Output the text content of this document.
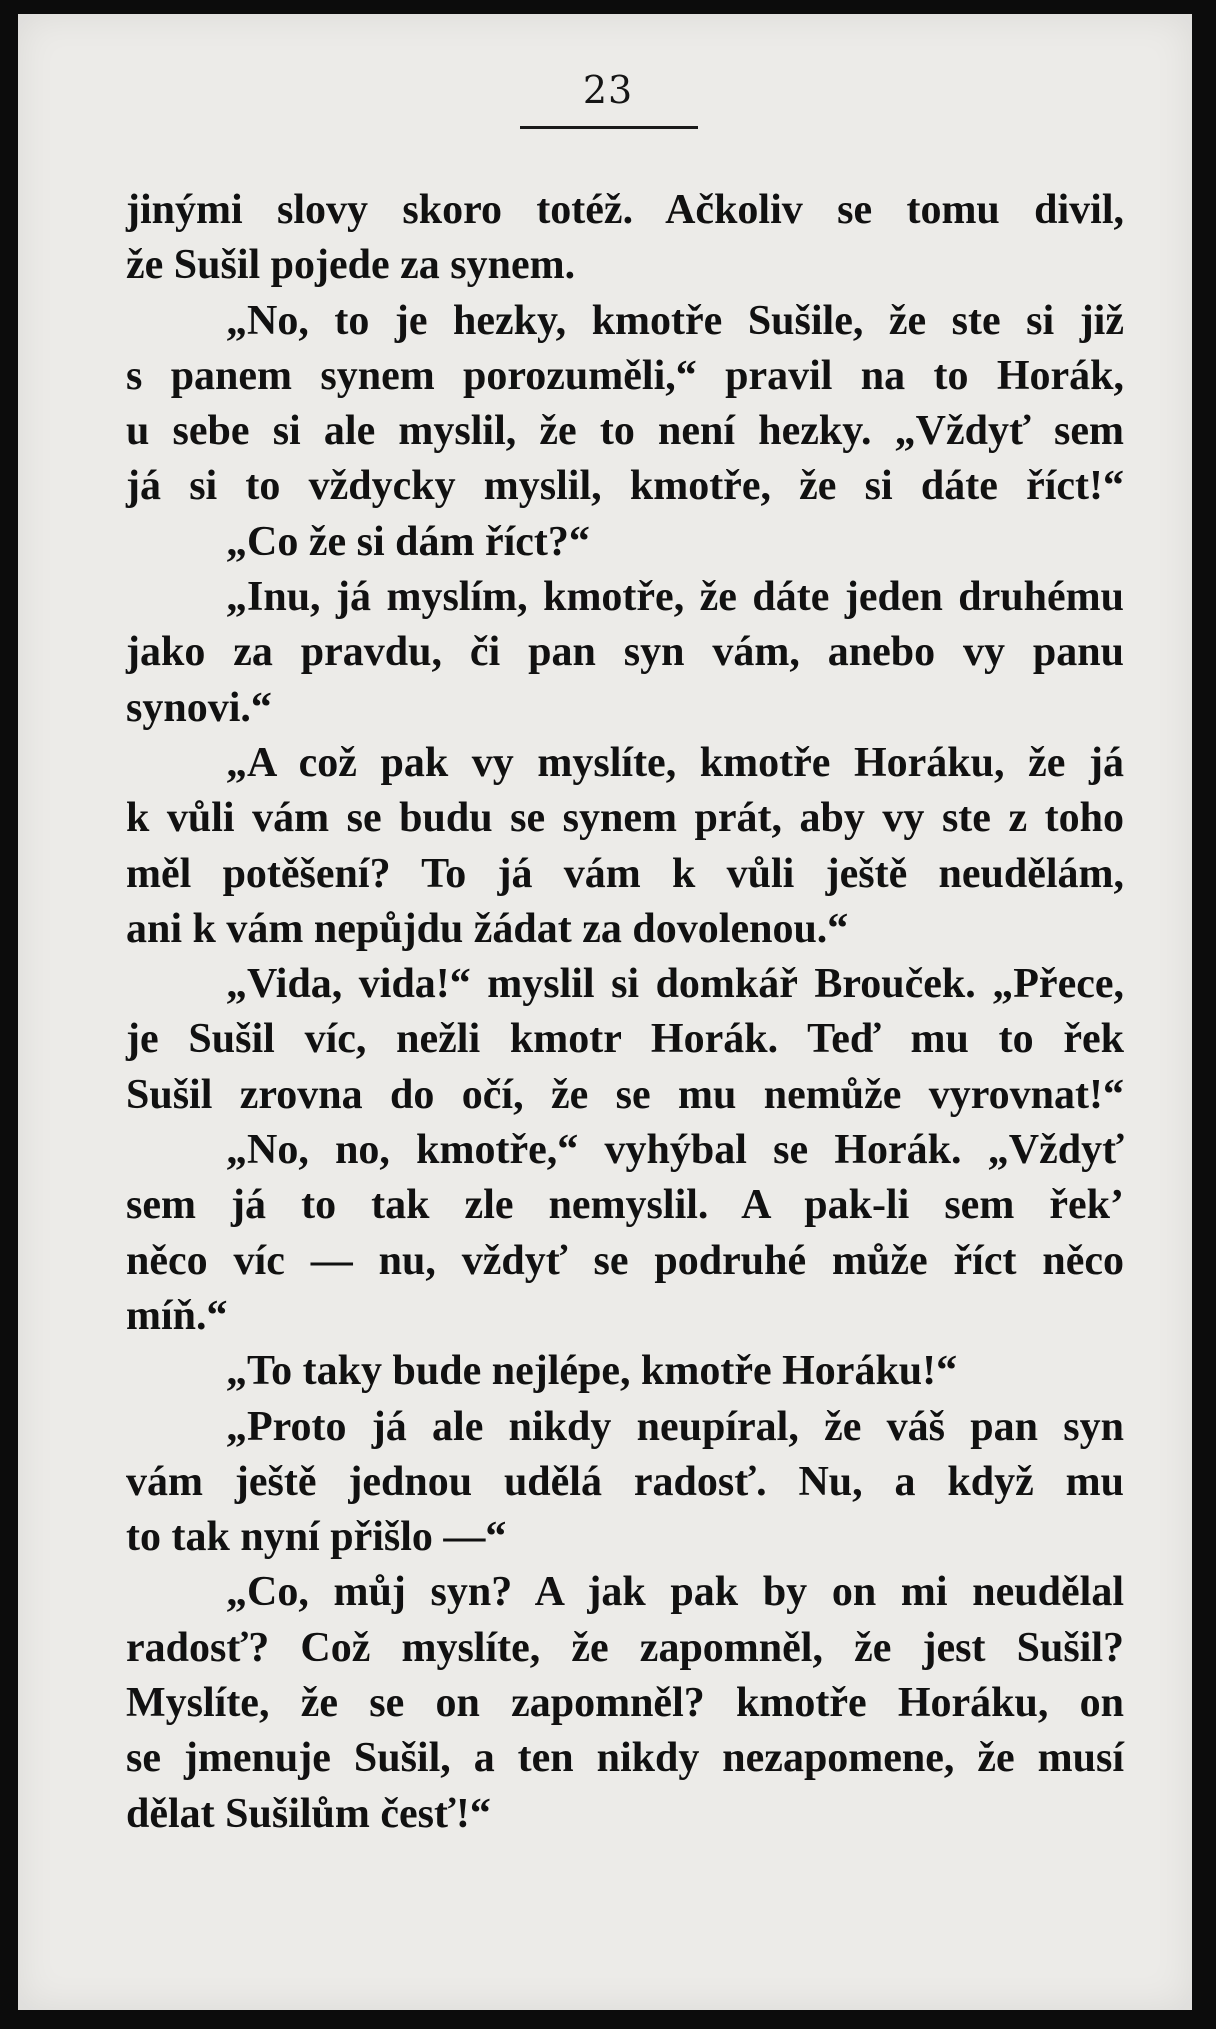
23
jinými slovy skoro totéž. Ačkoliv se tomu divil,
že Sušil pojede za synem.
„No, to je hezky, kmotře Sušile, že ste si již
s panem synem porozuměli,“ pravil na to Horák,
u sebe si ale myslil, že to není hezky. „Vždyť sem
já si to vždycky myslil, kmotře, že si dáte říct!“
„Co že si dám říct?“
„Inu, já myslím, kmotře, že dáte jeden druhému
jako za pravdu, či pan syn vám, anebo vy panu
synovi.“
„A což pak vy myslíte, kmotře Horáku, že já
k vůli vám se budu se synem prát, aby vy ste z toho
měl potěšení? To já vám k vůli ještě neudělám,
ani k vám nepůjdu žádat za dovolenou.“
„Vida, vida!“ myslil si domkář Brouček. „Přece,
je Sušil víc, nežli kmotr Horák. Teď mu to řek
Sušil zrovna do očí, že se mu nemůže vyrovnat!“
„No, no, kmotře,“ vyhýbal se Horák. „Vždyť
sem já to tak zle nemyslil. A pak-li sem řek’
něco víc — nu, vždyť se podruhé může říct něco
míň.“
„To taky bude nejlépe, kmotře Horáku!“
„Proto já ale nikdy neupíral, že váš pan syn
vám ještě jednou udělá radosť. Nu, a když mu
to tak nyní přišlo —“
„Co, můj syn? A jak pak by on mi neudělal
radosť? Což myslíte, že zapomněl, že jest Sušil?
Myslíte, že se on zapomněl? kmotře Horáku, on
se jmenuje Sušil, a ten nikdy nezapomene, že musí
dělat Sušilům česť!“
